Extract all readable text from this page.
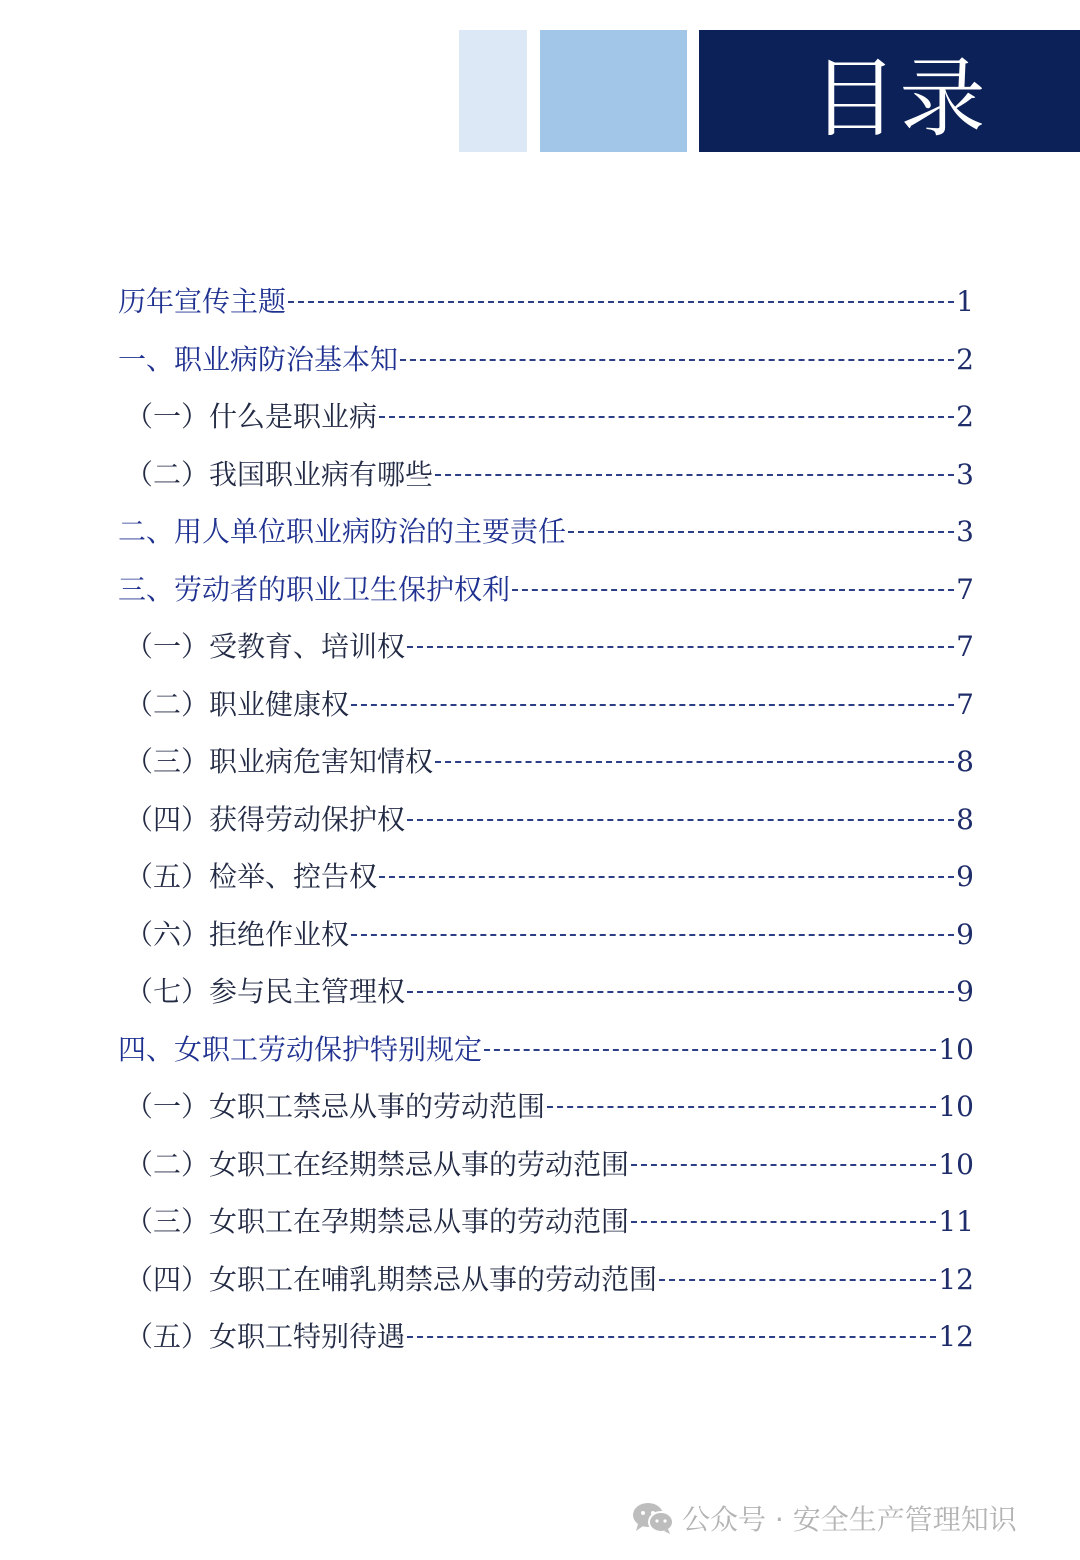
目录
历年宣传主题	1
一、职业病防治基本知	2
（一）什么是职业病	2
（二）我国职业病有哪些	3
二、用人单位职业病防治的主要责任	3
三、劳动者的职业卫生保护权利	7
（一）受教育、培训权	7
（二）职业健康权	7
（三）职业病危害知情权	8
（四）获得劳动保护权	8
（五）检举、控告权	9
（六）拒绝作业权	9
（七）参与民主管理权	9
四、女职工劳动保护特别规定	10
（一）女职工禁忌从事的劳动范围	10
（二）女职工在经期禁忌从事的劳动范围	10
（三）女职工在孕期禁忌从事的劳动范围	11
（四）女职工在哺乳期禁忌从事的劳动范围	12
（五）女职工特别待遇	12
公众号 · 安全生产管理知识
